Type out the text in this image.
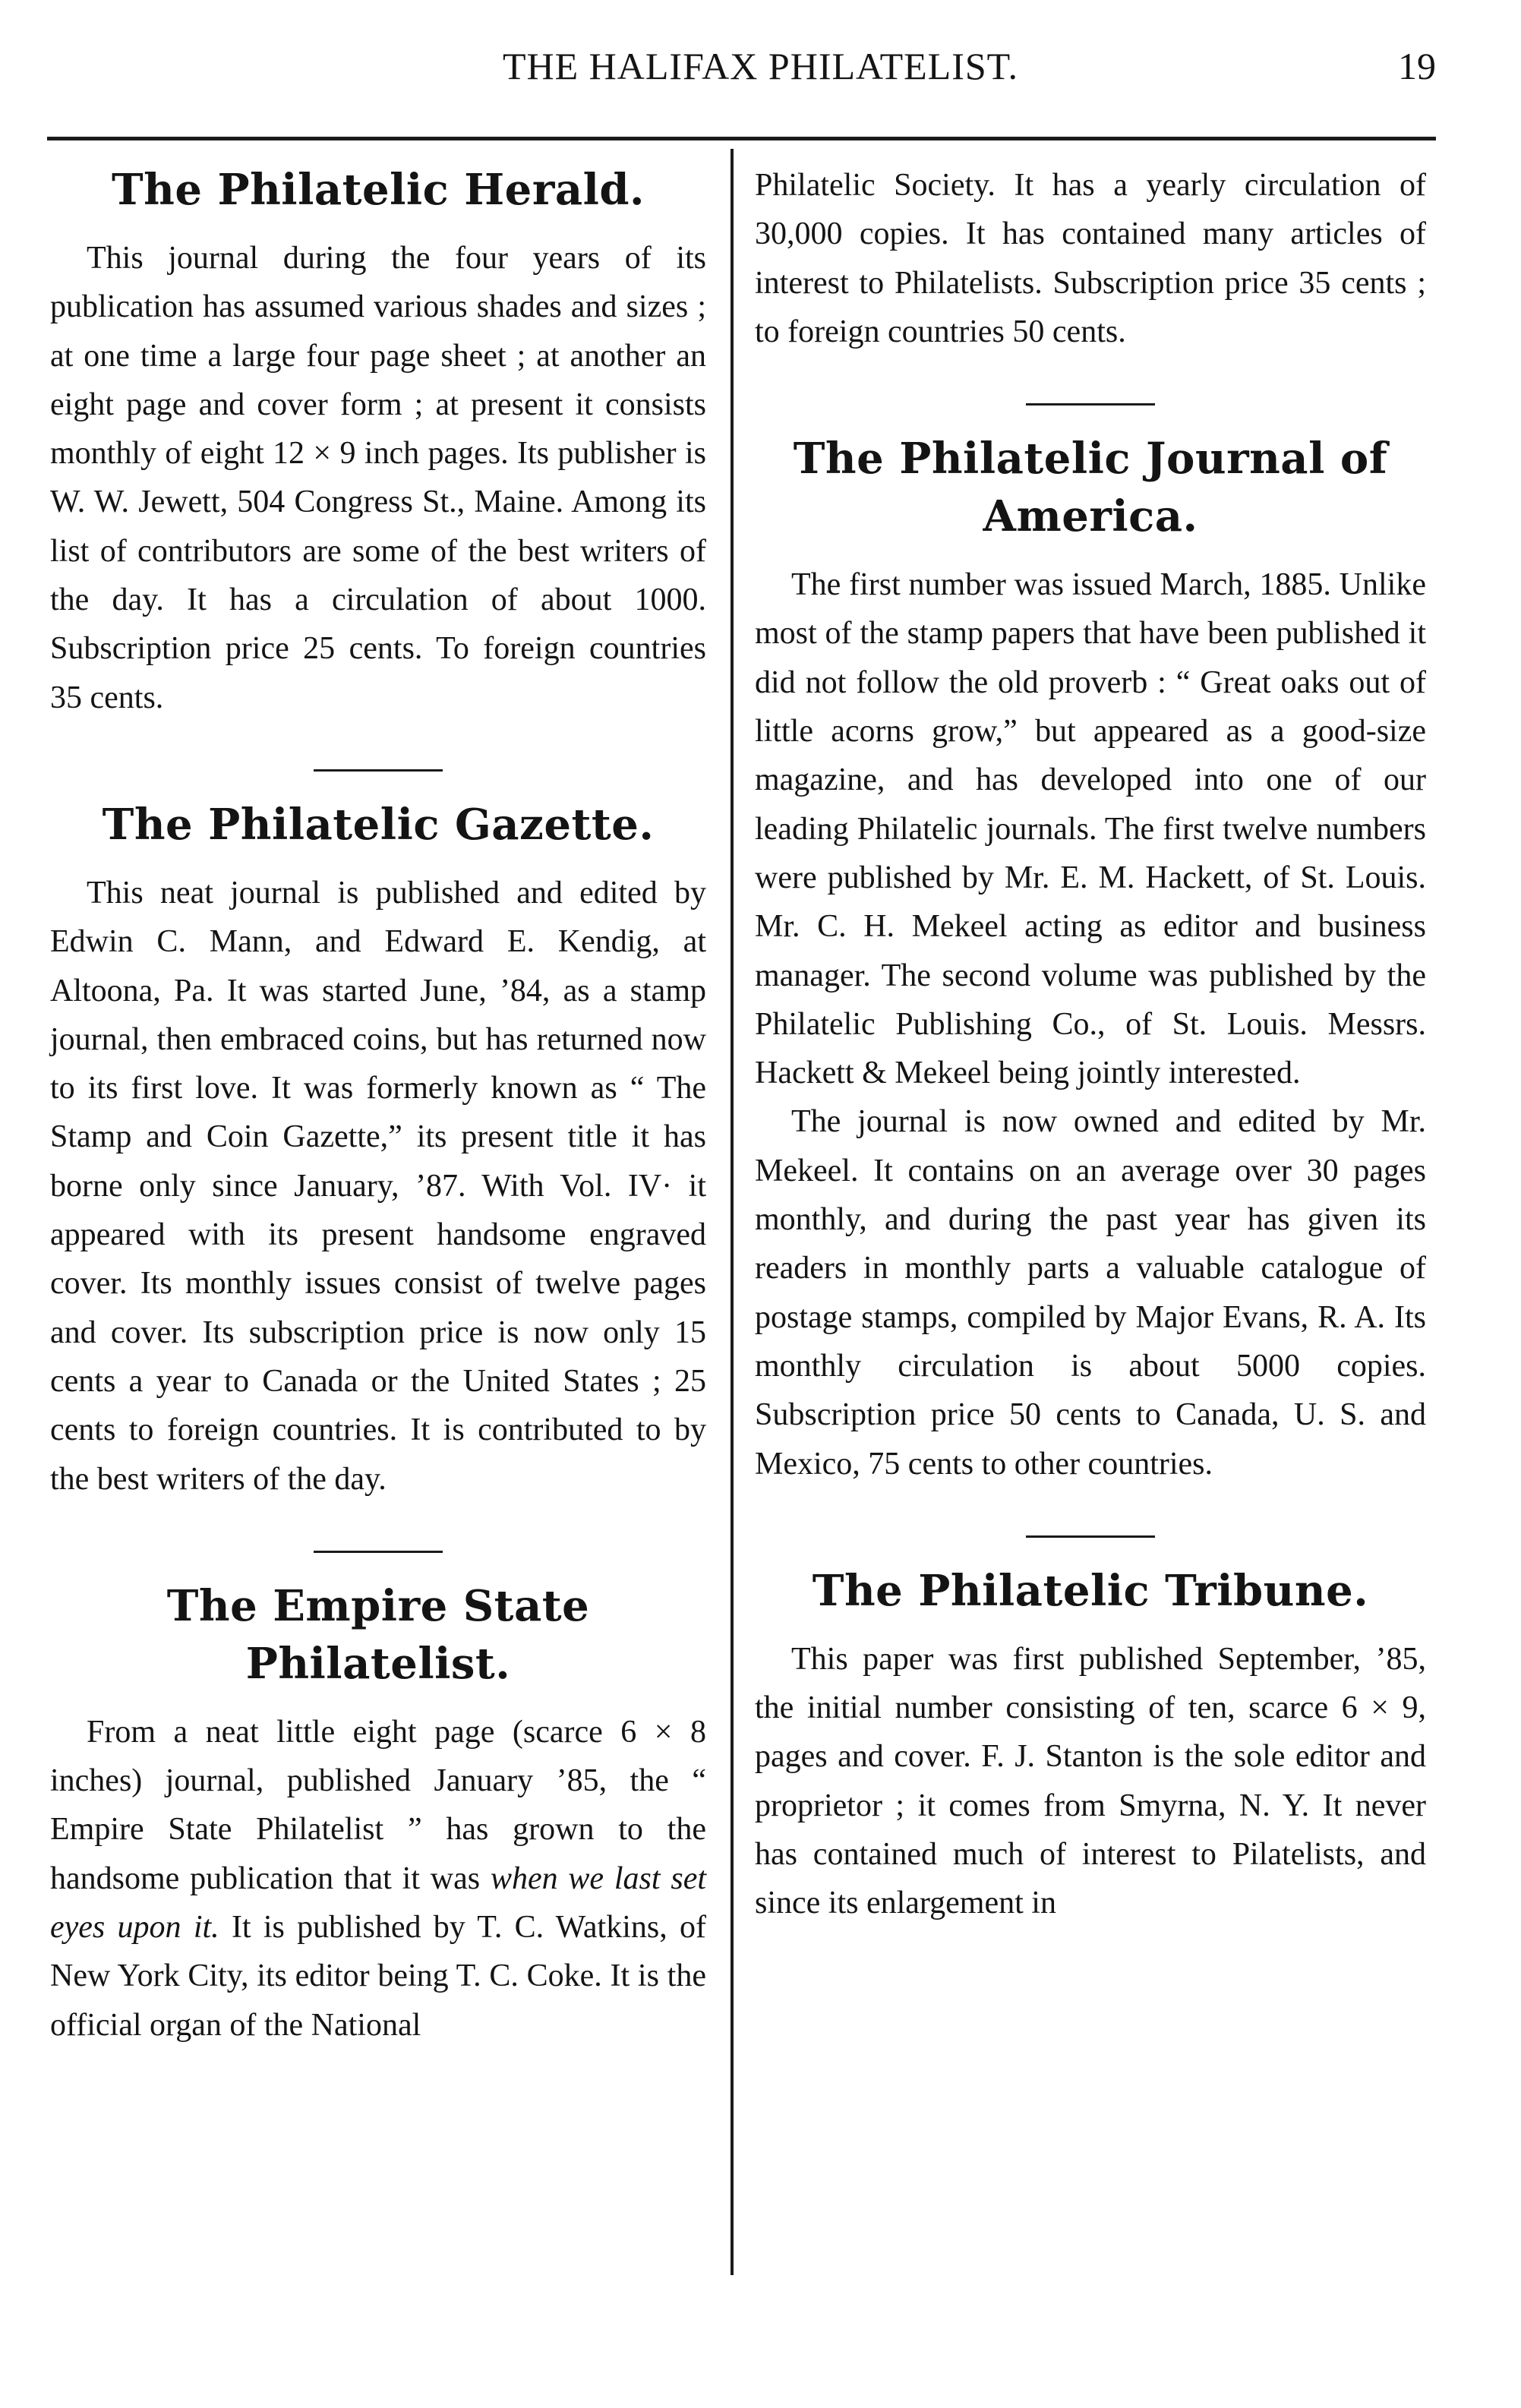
THE HALIFAX PHILATELIST.	19
The Philatelic Herald.

This journal during the four years of its publication has assumed various shades and sizes ; at one time a large four page sheet ; at another an eight page and cover form ; at present it consists monthly of eight 12 × 9 inch pages. Its publisher is W. W. Jewett, 504 Congress St., Maine. Among its list of contributors are some of the best writers of the day. It has a circulation of about 1000. Subscription price 25 cents. To foreign countries 35 cents.

The Philatelic Gazette.

This neat journal is published and edited by Edwin C. Mann, and Edward E. Kendig, at Altoona, Pa. It was started June, ’84, as a stamp journal, then embraced coins, but has returned now to its first love. It was formerly known as “ The Stamp and Coin Gazette,” its present title it has borne only since January, ’87. With Vol. IV· it appeared with its present handsome engraved cover. Its monthly issues consist of twelve pages and cover. Its subscription price is now only 15 cents a year to Canada or the United States ; 25 cents to foreign countries. It is contributed to by the best writers of the day.

The Empire State Philatelist.

From a neat little eight page (scarce 6 × 8 inches) journal, published January ’85, the “ Empire State Philatelist ” has grown to the handsome publication that it was when we last set eyes upon it. It is published by T. C. Watkins, of New York City, its editor being T. C. Coke. It is the official organ of the National

Philatelic Society. It has a yearly circulation of 30,000 copies. It has contained many articles of interest to Philatelists. Subscription price 35 cents ; to foreign countries 50 cents.

The Philatelic Journal of
America.

The first number was issued March, 1885. Unlike most of the stamp papers that have been published it did not follow the old proverb : “ Great oaks out of little acorns grow,” but appeared as a good-size magazine, and has developed into one of our leading Philatelic journals. The first twelve numbers were published by Mr. E. M. Hackett, of St. Louis. Mr. C. H. Mekeel acting as editor and business manager. The second volume was published by the Philatelic Publishing Co., of St. Louis. Messrs. Hackett & Mekeel being jointly interested.

The journal is now owned and edited by Mr. Mekeel. It contains on an average over 30 pages monthly, and during the past year has given its readers in monthly parts a valuable catalogue of postage stamps, compiled by Major Evans, R. A. Its monthly circulation is about 5000 copies. Subscription price 50 cents to Canada, U. S. and Mexico, 75 cents to other countries.

The Philatelic Tribune.

This paper was first published September, ’85, the initial number consisting of ten, scarce 6 × 9, pages and cover. F. J. Stanton is the sole editor and proprietor ; it comes from Smyrna, N. Y. It never has contained much of interest to Pilatelists, and since its enlargement in
